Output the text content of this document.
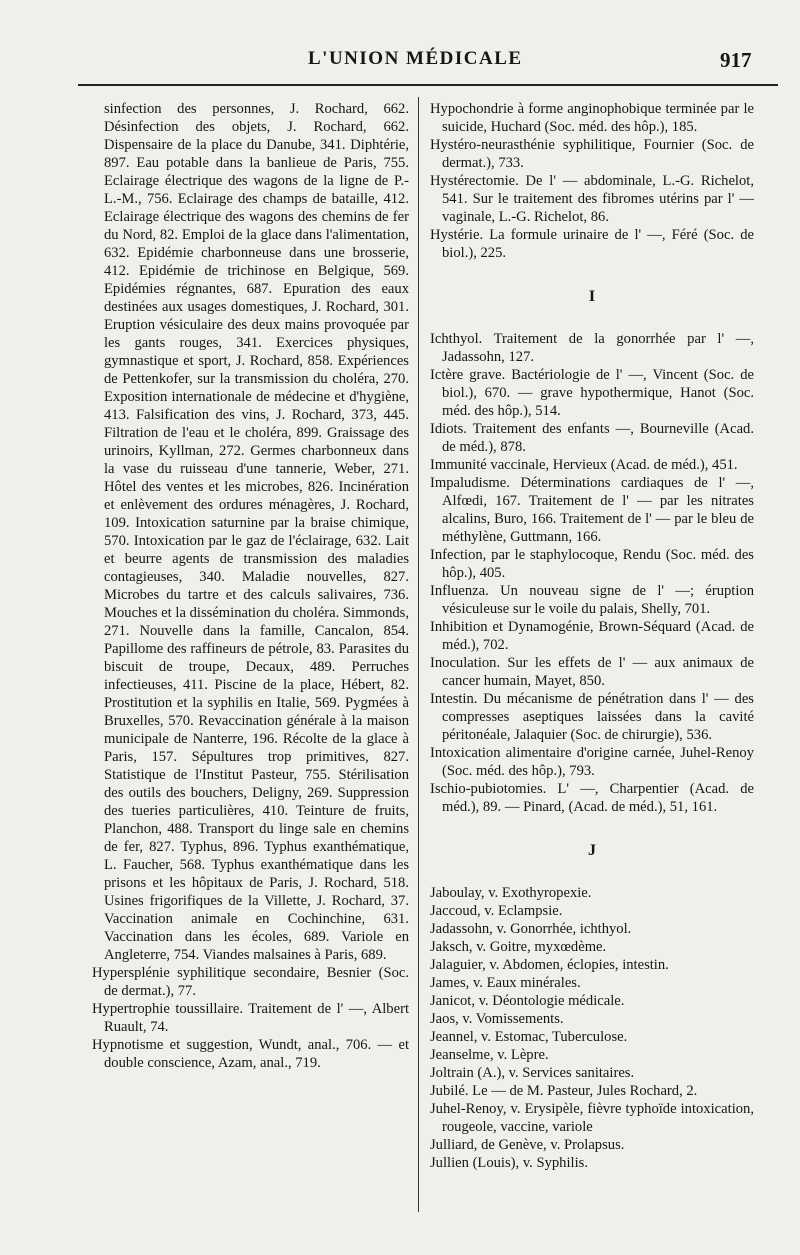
L'UNION MÉDICALE	917

sinfection des personnes, J. Rochard, 662. Désinfection des objets, J. Rochard, 662. Dispensaire de la place du Danube, 341. Diphtérie, 897. Eau potable dans la banlieue de Paris, 755. Eclairage électrique des wagons de la ligne de P.-L.-M., 756. Eclairage des champs de bataille, 412. Eclairage électrique des wagons des chemins de fer du Nord, 82. Emploi de la glace dans l'alimentation, 632. Epidémie charbonneuse dans une brosserie, 412. Epidémie de trichinose en Belgique, 569. Epidémies régnantes, 687. Epuration des eaux destinées aux usages domestiques, J. Rochard, 301. Eruption vésiculaire des deux mains provoquée par les gants rouges, 341. Exercices physiques, gymnastique et sport, J. Rochard, 858. Expériences de Pettenkofer, sur la transmission du choléra, 270. Exposition internationale de médecine et d'hygiène, 413. Falsification des vins, J. Rochard, 373, 445. Filtration de l'eau et le choléra, 899. Graissage des urinoirs, Kyllman, 272. Germes charbonneux dans la vase du ruisseau d'une tannerie, Weber, 271. Hôtel des ventes et les microbes, 826. Incinération et enlèvement des ordures ménagères, J. Rochard, 109. Intoxication saturnine par la braise chimique, 570. Intoxication par le gaz de l'éclairage, 632. Lait et beurre agents de transmission des maladies contagieuses, 340. Maladie nouvelles, 827. Microbes du tartre et des calculs salivaires, 736. Mouches et la dissémination du choléra. Simmonds, 271. Nouvelle dans la famille, Cancalon, 854. Papillome des raffineurs de pétrole, 83. Parasites du biscuit de troupe, Decaux, 489. Perruches infectieuses, 411. Piscine de la place, Hébert, 82. Prostitution et la syphilis en Italie, 569. Pygmées à Bruxelles, 570. Revaccination générale à la maison municipale de Nanterre, 196. Récolte de la glace à Paris, 157. Sépultures trop primitives, 827. Statistique de l'Institut Pasteur, 755. Stérilisation des outils des bouchers, Deligny, 269. Suppression des tueries particulières, 410. Teinture de fruits, Planchon, 488. Transport du linge sale en chemins de fer, 827. Typhus, 896. Typhus exanthématique, L. Faucher, 568. Typhus exanthématique dans les prisons et les hôpitaux de Paris, J. Rochard, 518. Usines frigorifiques de la Villette, J. Rochard, 37. Vaccination animale en Cochinchine, 631. Vaccination dans les écoles, 689. Variole en Angleterre, 754. Viandes malsaines à Paris, 689.

Hypersplénie syphilitique secondaire, Besnier (Soc. de dermat.), 77.

Hypertrophie toussillaire. Traitement de l' —, Albert Ruault, 74.

Hypnotisme et suggestion, Wundt, anal., 706. — et double conscience, Azam, anal., 719.

Hypochondrie à forme anginophobique terminée par le suicide, Huchard (Soc. méd. des hôp.), 185.

Hystéro-neurasthénie syphilitique, Fournier (Soc. de dermat.), 733.

Hystérectomie. De l' — abdominale, L.-G. Richelot, 541. Sur le traitement des fibromes utérins par l' — vaginale, L.-G. Richelot, 86.

Hystérie. La formule urinaire de l' —, Féré (Soc. de biol.), 225.

I

Ichthyol. Traitement de la gonorrhée par l' —, Jadassohn, 127.

Ictère grave. Bactériologie de l' —, Vincent (Soc. de biol.), 670. — grave hypothermique, Hanot (Soc. méd. des hôp.), 514.

Idiots. Traitement des enfants —, Bourneville (Acad. de méd.), 878.

Immunité vaccinale, Hervieux (Acad. de méd.), 451.

Impaludisme. Déterminations cardiaques de l' —, Alfœdi, 167. Traitement de l' — par les nitrates alcalins, Buro, 166. Traitement de l' — par le bleu de méthylène, Guttmann, 166.

Infection, par le staphylocoque, Rendu (Soc. méd. des hôp.), 405.

Influenza. Un nouveau signe de l' —; éruption vésiculeuse sur le voile du palais, Shelly, 701.

Inhibition et Dynamogénie, Brown-Séquard (Acad. de méd.), 702.

Inoculation. Sur les effets de l' — aux animaux de cancer humain, Mayet, 850.

Intestin. Du mécanisme de pénétration dans l' — des compresses aseptiques laissées dans la cavité péritonéale, Jalaquier (Soc. de chirurgie), 536.

Intoxication alimentaire d'origine carnée, Juhel-Renoy (Soc. méd. des hôp.), 793.

Ischio-pubiotomies. L' —, Charpentier (Acad. de méd.), 89. — Pinard, (Acad. de méd.), 51, 161.

J

Jaboulay, v. Exothyropexie.

Jaccoud, v. Eclampsie.

Jadassohn, v. Gonorrhée, ichthyol.

Jaksch, v. Goitre, myxœdème.

Jalaguier, v. Abdomen, éclopies, intestin.

James, v. Eaux minérales.

Janicot, v. Déontologie médicale.

Jaos, v. Vomissements.

Jeannel, v. Estomac, Tuberculose.

Jeanselme, v. Lèpre.

Joltrain (A.), v. Services sanitaires.

Jubilé. Le — de M. Pasteur, Jules Rochard, 2.

Juhel-Renoy, v. Erysipèle, fièvre typhoïde intoxication, rougeole, vaccine, variole

Julliard, de Genève, v. Prolapsus.

Jullien (Louis), v. Syphilis.
